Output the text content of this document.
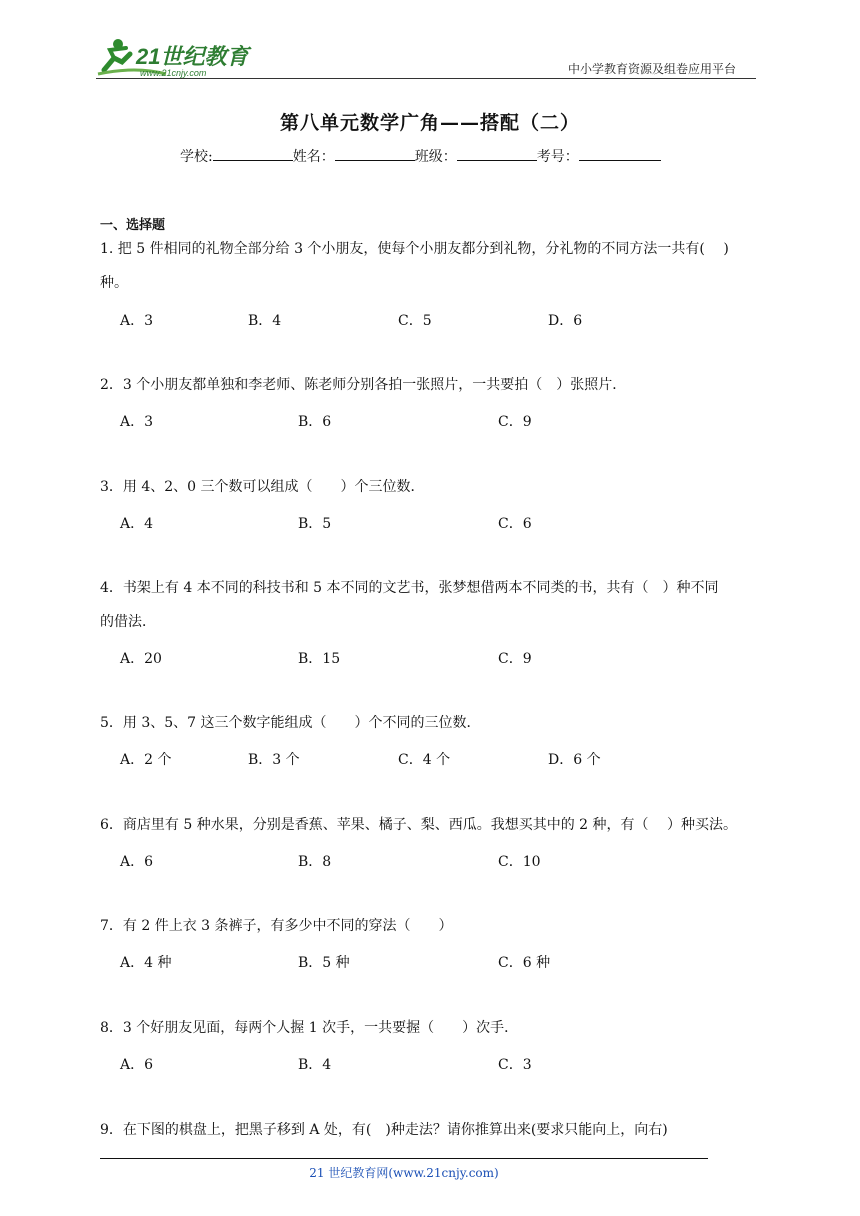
21世纪教育
www.21cnjy.com	中小学教育资源及组卷应用平台
第八单元数学广角——搭配（二）
学校:	姓名：	班级：	考号：
一、选择题
1. 把 5 件相同的礼物全部分给 3 个小朋友，使每个小朋友都分到礼物，分礼物的不同方法一共有(　 )
种。
A．3	B．4	C．5	D．6
2．3 个小朋友都单独和李老师、陈老师分别各拍一张照片，一共要拍（　）张照片．
A．3	B．6	C．9
3．用 4、2、0 三个数可以组成（　　）个三位数．
A．4	B．5	C．6
4．书架上有 4 本不同的科技书和 5 本不同的文艺书，张梦想借两本不同类的书，共有（　）种不同
的借法．
A．20	B．15	C．9
5．用 3、5、7 这三个数字能组成（　　）个不同的三位数．
A．2 个	B．3 个	C．4 个	D．6 个
6．商店里有 5 种水果，分别是香蕉、苹果、橘子、梨、西瓜。我想买其中的 2 种，有（　 ）种买法。
A．6	B．8	C．10
7．有 2 件上衣 3 条裤子，有多少中不同的穿法（　　）
A．4 种	B．5 种	C．6 种
8．3 个好朋友见面，每两个人握 1 次手，一共要握（　　）次手．
A．6	B．4	C．3
9．在下图的棋盘上，把黑子移到 A 处，有(　)种走法？请你推算出来(要求只能向上，向右)
21 世纪教育网(www.21cnjy.com)
